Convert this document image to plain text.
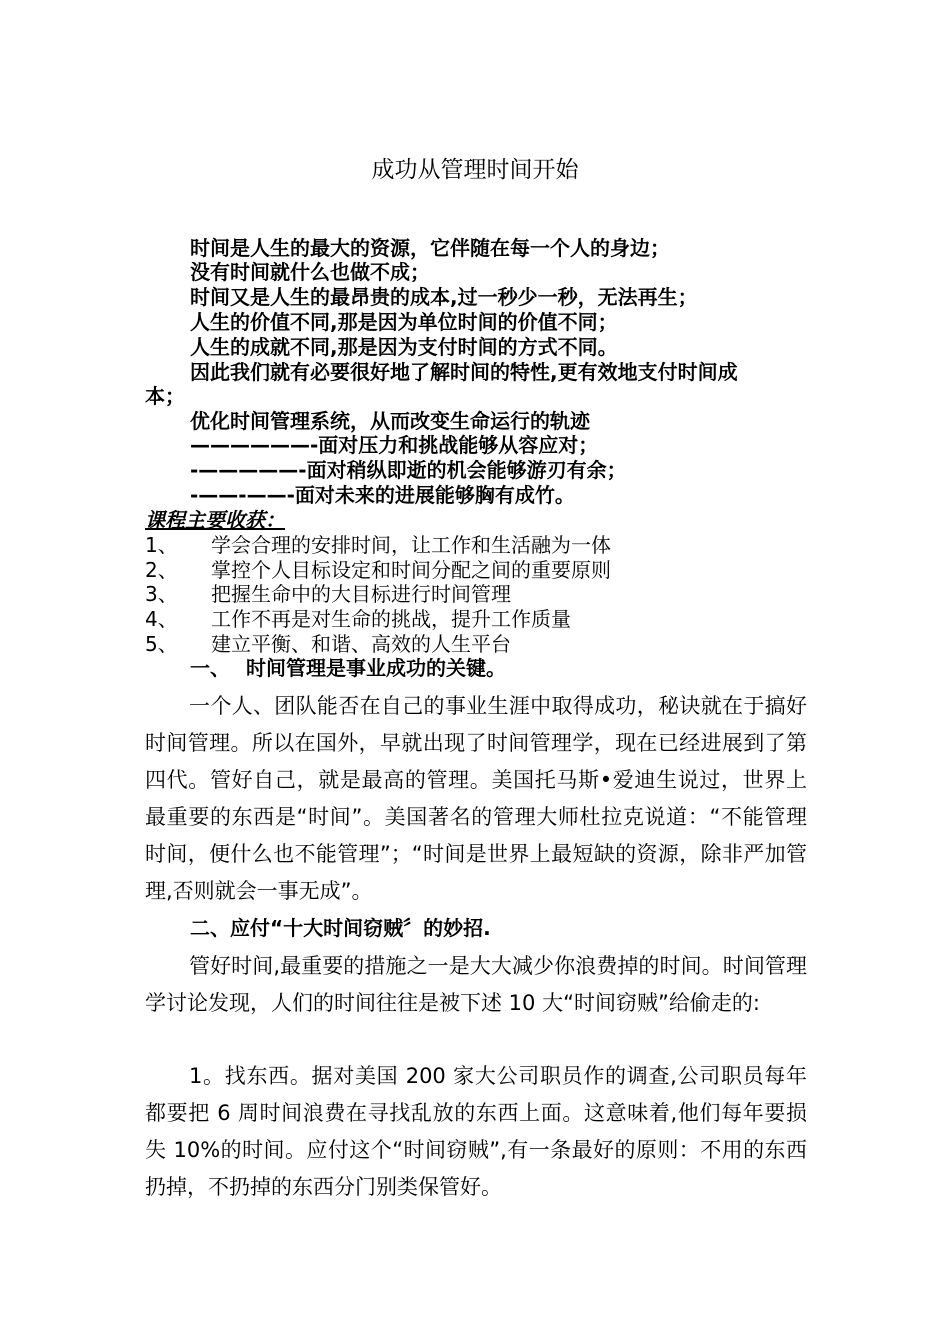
成功从管理时间开始
时间是人生的最大的资源，它伴随在每一个人的身边；
没有时间就什么也做不成；
时间又是人生的最昂贵的成本,过一秒少一秒，无法再生；
人生的价值不同,那是因为单位时间的价值不同；
人生的成就不同,那是因为支付时间的方式不同。
因此我们就有必要很好地了解时间的特性,更有效地支付时间成
本；
优化时间管理系统，从而改变生命运行的轨迹
——————-面对压力和挑战能够从容应对；
-—————-面对稍纵即逝的机会能够游刃有余；
-——-——-面对未来的进展能够胸有成竹。
课程主要收获：
1、	学会合理的安排时间，让工作和生活融为一体
2、	掌控个人目标设定和时间分配之间的重要原则
3、	把握生命中的大目标进行时间管理
4、	工作不再是对生命的挑战，提升工作质量
5、	建立平衡、和谐、高效的人生平台
一、 时间管理是事业成功的关键。

一个人、团队能否在自己的事业生涯中取得成功，秘诀就在于搞好时间管理。所以在国外，早就出现了时间管理学，现在已经进展到了第四代。管好自己，就是最高的管理。美国托马斯•爱迪生说过，世界上最重要的东西是“时间”。美国著名的管理大师杜拉克说道：“不能管理时间，便什么也不能管理”；“时间是世界上最短缺的资源，除非严加管理,否则就会一事无成”。

二、应付“十大时间窃贼〞的妙招.

管好时间,最重要的措施之一是大大减少你浪费掉的时间。时间管理学讨论发现，人们的时间往往是被下述 10 大“时间窃贼”给偷走的:

1。找东西。据对美国 200 家大公司职员作的调查,公司职员每年都要把 6 周时间浪费在寻找乱放的东西上面。这意味着,他们每年要损失 10%的时间。应付这个“时间窃贼”,有一条最好的原则：不用的东西扔掉，不扔掉的东西分门别类保管好。
